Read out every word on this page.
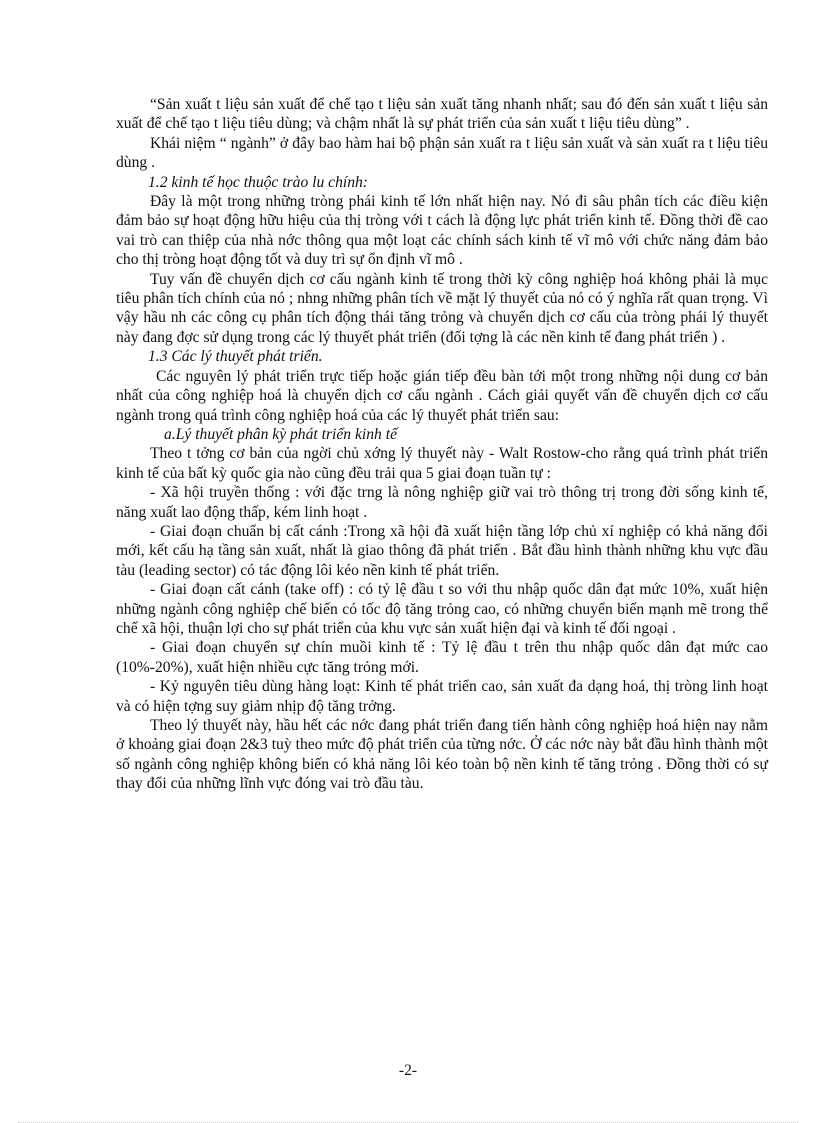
“Sản xuất t liệu sản xuất để chế tạo t liệu sản xuất tăng nhanh nhất; sau đó đến sản xuất t liệu sản xuất để chế tạo t liệu tiêu dùng; và chậm nhất là sự phát triển của sản xuất t liệu tiêu dùng” .

Khái niệm “ ngành” ở đây bao hàm hai bộ phận sản xuất ra t liệu sản xuất và sản xuất ra t liệu tiêu dùng .

1.2 kinh tế học thuộc trào lu chính:

Đây là một trong những tròng phái kinh tế lớn nhất hiện nay. Nó đi sâu phân tích các điều kiện đảm bảo sự hoạt động hữu hiệu của thị tròng với t cách là động lực phát triển kinh tế. Đồng thời đề cao vai trò can thiệp của nhà nớc thông qua một loạt các chính sách kinh tế vĩ mô với chức năng đảm bảo cho thị tròng hoạt động tốt và duy trì sự ổn định vĩ mô .

Tuy vấn đề chuyển dịch cơ cấu ngành kinh tế trong thời kỳ công nghiệp hoá không phải là mục tiêu phân tích chính của nó ; nhng những phân tích về mặt lý thuyết của nó có ý nghĩa rất quan trọng. Vì vậy hầu nh các công cụ phân tích động thái tăng trỏng và chuyển dịch cơ cấu của tròng phái lý thuyết này đang đợc sử dụng trong các lý thuyết phát triển (đối tợng là các nền kinh tế đang phát triển ) .

1.3 Các lý thuyết phát triển.

Các nguyên lý phát triển trực tiếp hoặc gián tiếp đều bàn tới một trong những nội dung cơ bản nhất của công nghiệp hoá là chuyển dịch cơ cấu ngành . Cách giải quyết vấn đề chuyển dịch cơ cấu ngành trong quá trình công nghiệp hoá của các lý thuyết phát triển sau:

a.Lý thuyết phân kỳ phát triển kinh tế

Theo t tởng cơ bản của ngời chủ xớng lý thuyết này - Walt Rostow-cho rằng quá trình phát triển kinh tế của bất kỳ quốc gia nào cũng đều trải qua 5 giai đoạn tuần tự :

- Xã hội truyền thống : với đặc trng là nông nghiệp giữ vai trò thông trị trong đời sống kinh tế, năng xuất lao động thấp, kém linh hoạt .

- Giai đoạn chuẩn bị cất cánh :Trong xã hội đã xuất hiện tầng lớp chủ xí nghiệp có khả năng đổi mới, kết cấu hạ tầng sản xuất, nhất là giao thông đã phát triển . Bắt đầu hình thành những khu vực đầu tàu (leading sector) có tác động lôi kéo nền kinh tế phát triển.

- Giai đoạn cất cánh (take off) : có tỷ lệ đầu t so với thu nhập quốc dân đạt mức 10%, xuất hiện những ngành công nghiệp chế biến có tốc độ tăng trỏng cao, có những chuyển biến mạnh mẽ trong thể chế xã hội, thuận lợi cho sự phát triển của khu vực sản xuất hiện đại và kinh tế đối ngoại .

- Giai đoạn chuyển sự chín muồi kinh tế : Tỷ lệ đầu t trên thu nhập quốc dân đạt mức cao (10%-20%), xuất hiện nhiều cực tăng trỏng mới.

- Kỷ nguyên tiêu dùng hàng loạt: Kinh tế phát triển cao, sản xuất đa dạng hoá, thị tròng linh hoạt và có hiện tợng suy giảm nhịp độ tăng trởng.

Theo lý thuyết này, hầu hết các nớc đang phát triển đang tiến hành công nghiệp hoá hiện nay nằm ở khoảng giai đoạn 2&3 tuỳ theo mức độ phát triển của từng nớc. Ở các nớc này bắt đầu hình thành một số ngành công nghiệp không biến có khả năng lôi kéo toàn bộ nền kinh tế tăng trỏng . Đồng thời có sự thay đổi của những lĩnh vực đóng vai trò đầu tàu.

-2-
